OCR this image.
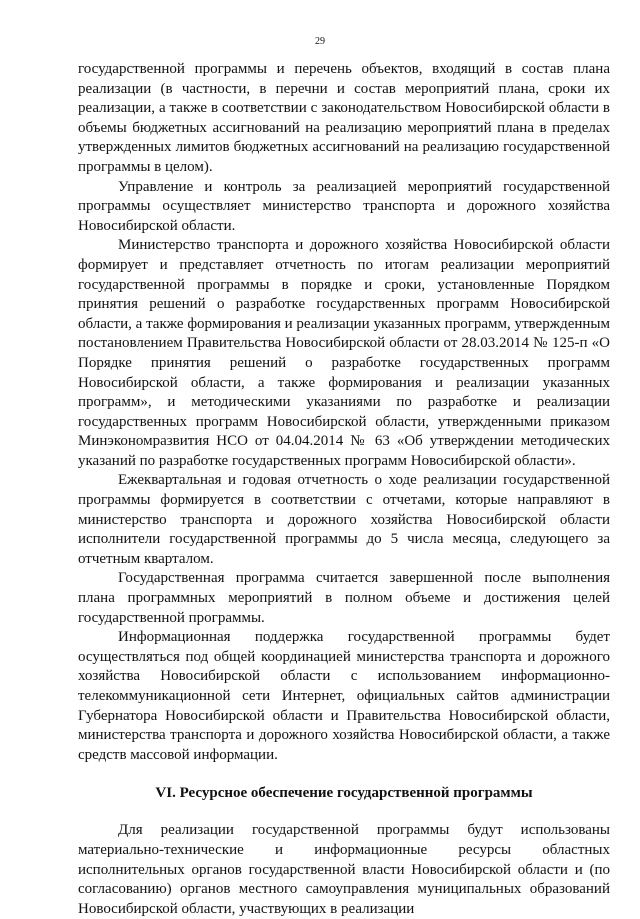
29

государственной программы и перечень объектов, входящий в состав плана реализации (в частности, в перечни и состав мероприятий плана, сроки их реализации, а также в соответствии с законодательством Новосибирской области в объемы бюджетных ассигнований на реализацию мероприятий плана в пределах утвержденных лимитов бюджетных ассигнований на реализацию государственной программы в целом).

Управление и контроль за реализацией мероприятий государственной программы осуществляет министерство транспорта и дорожного хозяйства Новосибирской области.

Министерство транспорта и дорожного хозяйства Новосибирской области формирует и представляет отчетность по итогам реализации мероприятий государственной программы в порядке и сроки, установленные Порядком принятия решений о разработке государственных программ Новосибирской области, а также формирования и реализации указанных программ, утвержденным постановлением Правительства Новосибирской области от 28.03.2014 № 125-п «О Порядке принятия решений о разработке государственных программ Новосибирской области, а также формирования и реализации указанных программ», и методическими указаниями по разработке и реализации государственных программ Новосибирской области, утвержденными приказом Минэкономразвития НСО от 04.04.2014 № 63 «Об утверждении методических указаний по разработке государственных программ Новосибирской области».

Ежеквартальная и годовая отчетность о ходе реализации государственной программы формируется в соответствии с отчетами, которые направляют в министерство транспорта и дорожного хозяйства Новосибирской области исполнители государственной программы до 5 числа месяца, следующего за отчетным кварталом.

Государственная программа считается завершенной после выполнения плана программных мероприятий в полном объеме и достижения целей государственной программы.

Информационная поддержка государственной программы будет осуществляться под общей координацией министерства транспорта и дорожного хозяйства Новосибирской области с использованием информационно-телекоммуникационной сети Интернет, официальных сайтов администрации Губернатора Новосибирской области и Правительства Новосибирской области, министерства транспорта и дорожного хозяйства Новосибирской области, а также средств массовой информации.

VI. Ресурсное обеспечение государственной программы

Для реализации государственной программы будут использованы материально-технические и информационные ресурсы областных исполнительных органов государственной власти Новосибирской области и (по согласованию) органов местного самоуправления муниципальных образований Новосибирской области, участвующих в реализации
